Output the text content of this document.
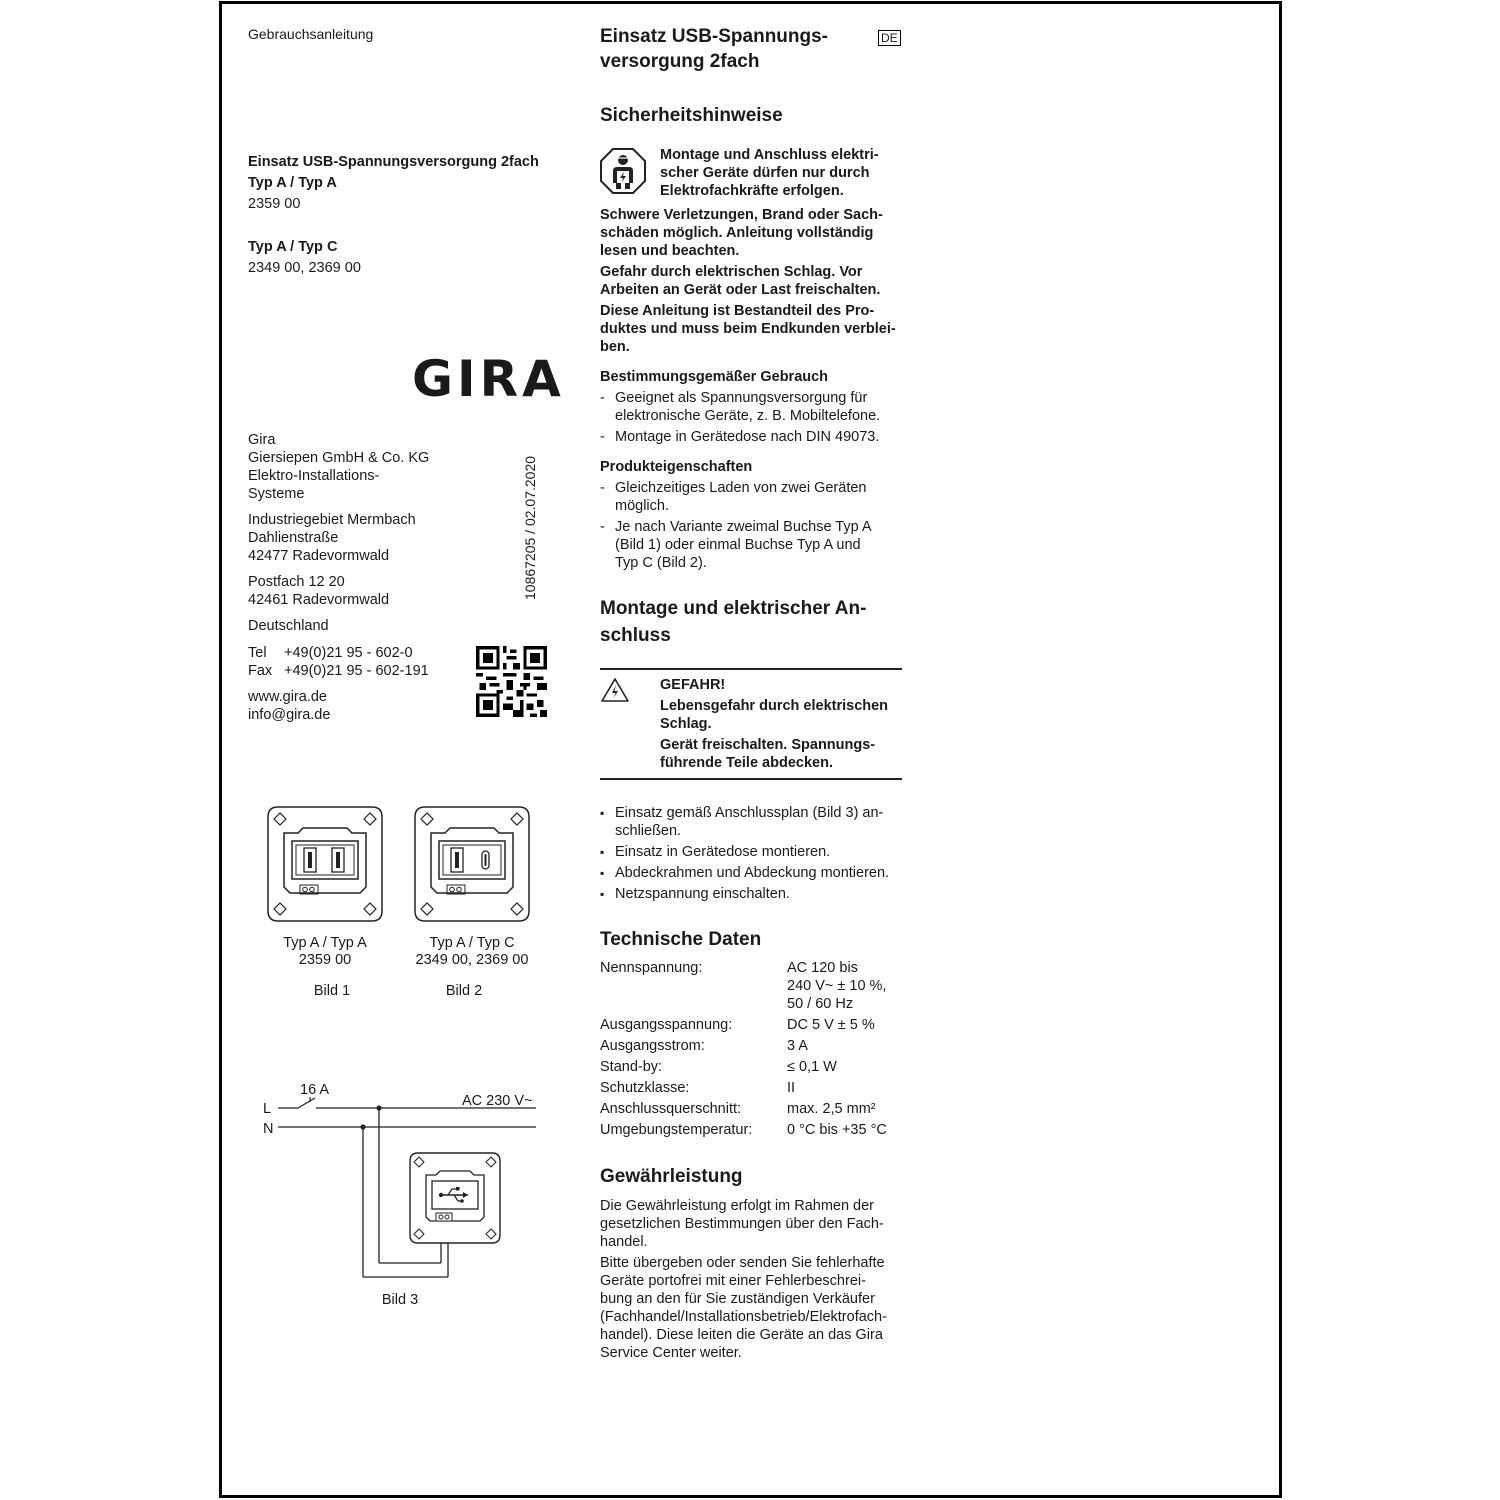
Gebrauchsanleitung
Einsatz USB-Spannungsversorgung 2fach
Typ A / Typ A
2359 00
Typ A / Typ C
2349 00, 2369 00
GIRA
10867205 / 02.07.2020
Gira
Giersiepen GmbH & Co. KG
Elektro-Installations-
Systeme
Industriegebiet Mermbach
Dahlienstraße
42477 Radevormwald
Postfach 12 20
42461 Radevormwald
Deutschland
Tel +49(0)21 95 - 602-0
Fax +49(0)21 95 - 602-191
www.gira.de
info@gira.de
Typ A / Typ A
2359 00
Bild 1
Typ A / Typ C
2349 00, 2369 00
Bild 2
16 A
AC 230 V~
L
N
Bild 3
Einsatz USB-Spannungs-
versorgung 2fach
DE
Sicherheitshinweise
Montage und Anschluss elektri-
scher Geräte dürfen nur durch
Elektrofachkräfte erfolgen.
Schwere Verletzungen, Brand oder Sach-
schäden möglich. Anleitung vollständig
lesen und beachten.
Gefahr durch elektrischen Schlag. Vor
Arbeiten an Gerät oder Last freischalten.
Diese Anleitung ist Bestandteil des Pro-
duktes und muss beim Endkunden verblei-
ben.
Bestimmungsgemäßer Gebrauch
- Geeignet als Spannungsversorgung für
elektronische Geräte, z. B. Mobiltelefone.
- Montage in Gerätedose nach DIN 49073.
Produkteigenschaften
- Gleichzeitiges Laden von zwei Geräten
möglich.
- Je nach Variante zweimal Buchse Typ A
(Bild 1) oder einmal Buchse Typ A und
Typ C (Bild 2).
Montage und elektrischer An-
schluss
GEFAHR!
Lebensgefahr durch elektrischen
Schlag.
Gerät freischalten. Spannungs-
führende Teile abdecken.
▪ Einsatz gemäß Anschlussplan (Bild 3) an-
schließen.
▪ Einsatz in Gerätedose montieren.
▪ Abdeckrahmen und Abdeckung montieren.
▪ Netzspannung einschalten.
Technische Daten
Nennspannung:	AC 120 bis
240 V~ ± 10 %,
50 / 60 Hz
Ausgangsspannung:	DC 5 V ± 5 %
Ausgangsstrom:	3 A
Stand-by:	≤ 0,1 W
Schutzklasse:	II
Anschlussquerschnitt:	max. 2,5 mm²
Umgebungstemperatur:	0 °C bis +35 °C
Gewährleistung
Die Gewährleistung erfolgt im Rahmen der
gesetzlichen Bestimmungen über den Fach-
handel.
Bitte übergeben oder senden Sie fehlerhafte
Geräte portofrei mit einer Fehlerbeschrei-
bung an den für Sie zuständigen Verkäufer
(Fachhandel/Installationsbetrieb/Elektrofach-
handel). Diese leiten die Geräte an das Gira
Service Center weiter.
